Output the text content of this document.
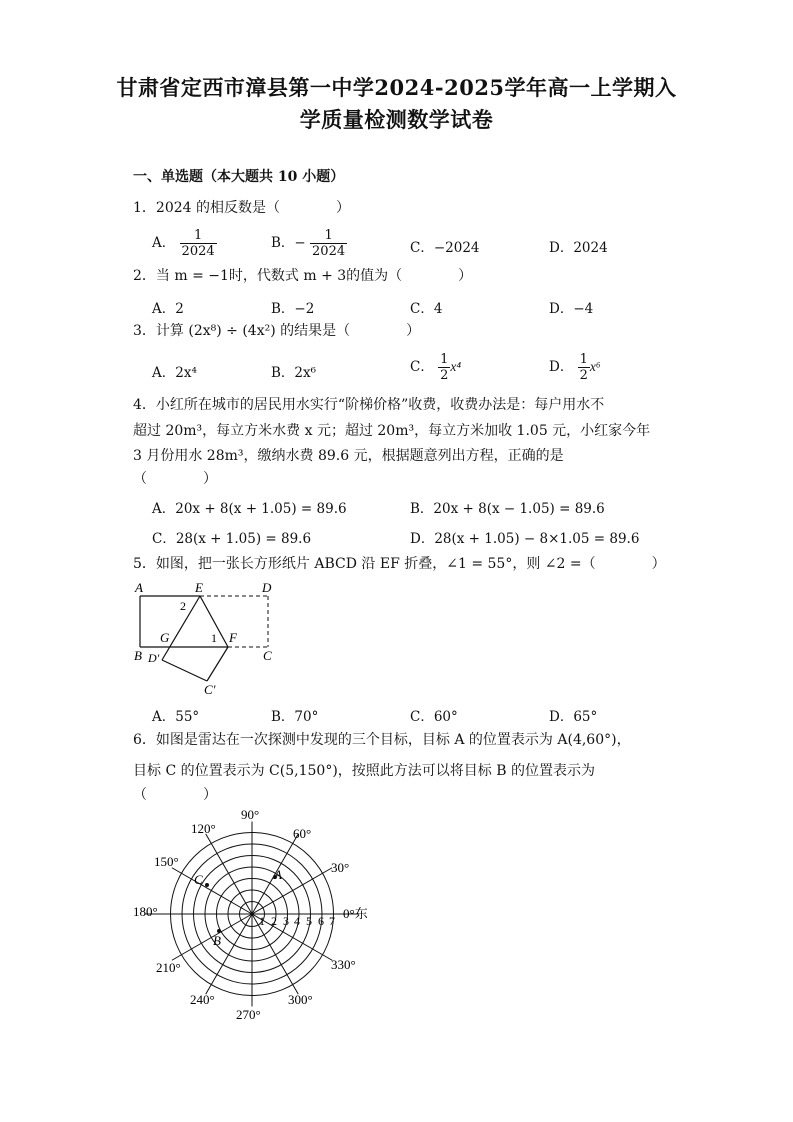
甘肃省定西市漳县第一中学2024-2025学年高一上学期入
学质量检测数学试卷
一、单选题（本大题共 10 小题）
1．2024 的相反数是（　　　　）
A． $\frac{1}{2024}$	B．− $\frac{1}{2024}$	C．−2024	D．2024
2．当 m = −1时，代数式 m + 3的值为（　　　　）
A．2	B．−2	C．4	D．−4
3．计算 (2x⁸) ÷ (4x²) 的结果是（　　　　）
A．2x⁴	B．2x⁶	C． $\frac{1}{2} x^4$	D． $\frac{1}{2} x^6$
4．小红所在城市的居民用水实行“阶梯价格”收费，收费办法是：每户用水不
超过 20m³，每立方米水费 x 元；超过 20m³，每立方米加收 1.05 元，小红家今年
3 月份用水 28m³，缴纳水费 89.6 元，根据题意列出方程，正确的是
（　　　　）
A．20x + 8(x + 1.05) = 89.6	B．20x + 8(x − 1.05) = 89.6
C．28(x + 1.05) = 89.6	D．28(x + 1.05) − 8×1.05 = 89.6
5．如图，把一张长方形纸片 ABCD 沿 EF 折叠，∠1 = 55°，则 ∠2 =（　　　　）
A	E	D
2
G	1 F
B D′	C
C′
A．55°	B．70°	C．60°	D．65°
6．如图是雷达在一次探测中发现的三个目标，目标 A 的位置表示为 A(4,60°)，
目标 C 的位置表示为 C(5,150°)，按照此方法可以将目标 B 的位置表示为
（　　　　）
90°
120°	60°
150°	30°
180°	0°东
210°	330°
240°	300°
270°
1 2 3 4 5 6 7
A
C
B
